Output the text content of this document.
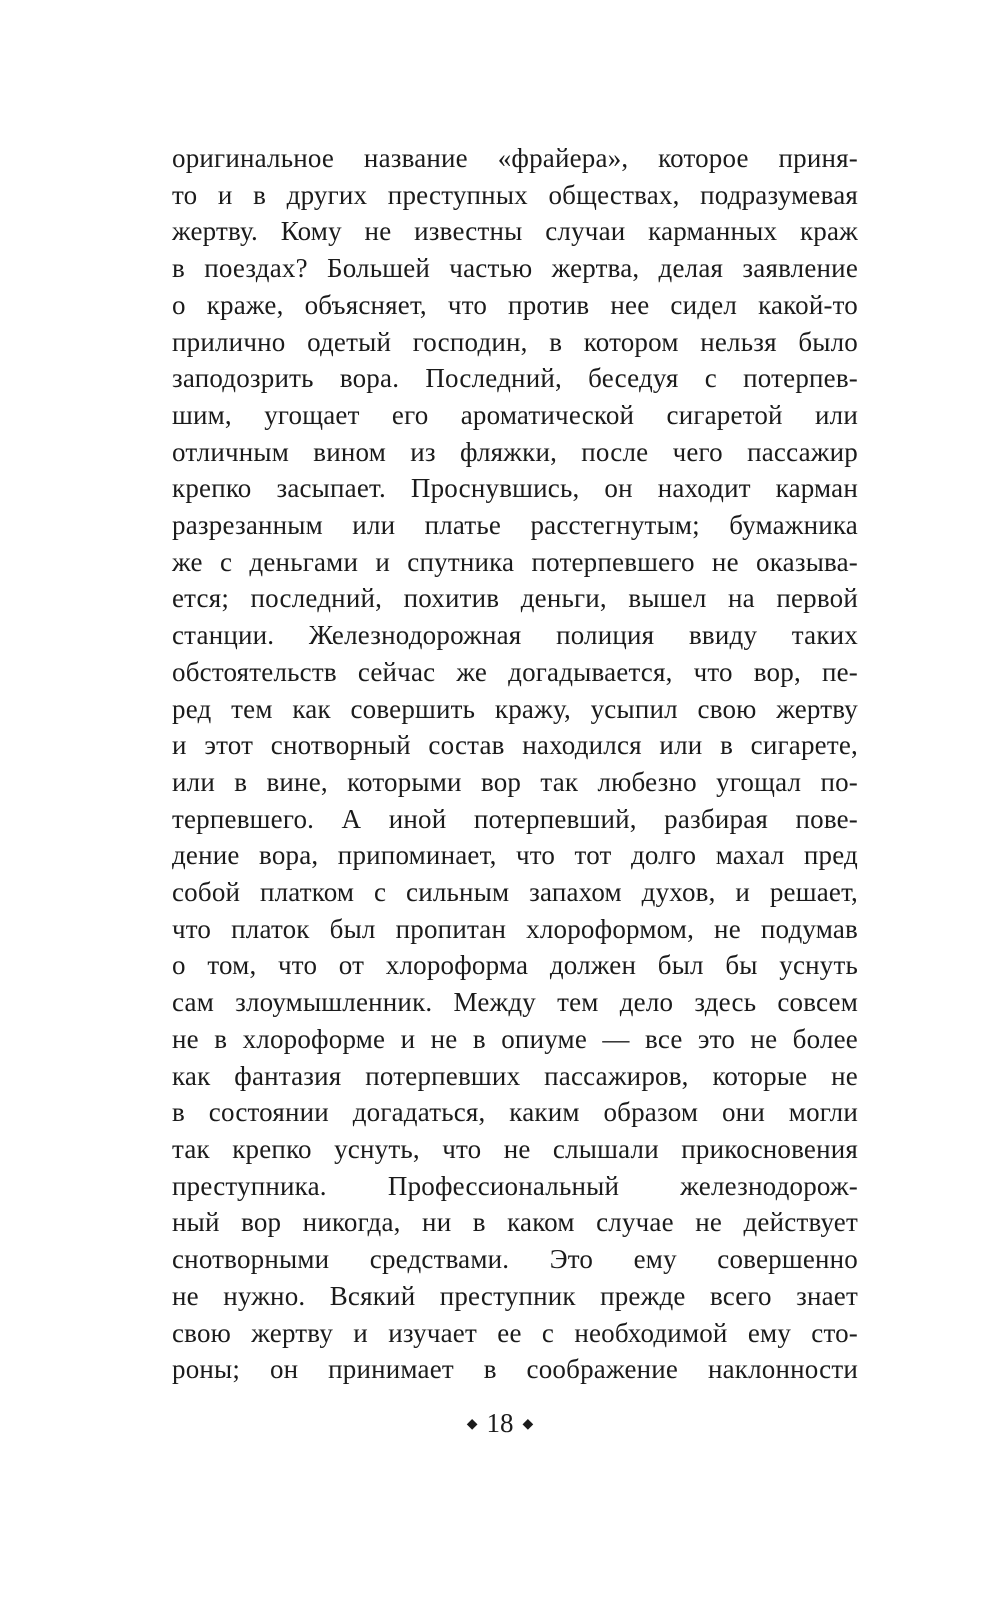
оригинальное название «фрайера», которое приня-
то и в других преступных обществах, подразумевая
жертву. Кому не известны случаи карманных краж
в поездах? Большей частью жертва, делая заявление
о краже, объясняет, что против нее сидел какой-то
прилично одетый господин, в котором нельзя было
заподозрить вора. Последний, беседуя с потерпев-
шим, угощает его ароматической сигаретой или
отличным вином из фляжки, после чего пассажир
крепко засыпает. Проснувшись, он находит карман
разрезанным или платье расстегнутым; бумажника
же с деньгами и спутника потерпевшего не оказыва-
ется; последний, похитив деньги, вышел на первой
станции. Железнодорожная полиция ввиду таких
обстоятельств сейчас же догадывается, что вор, пе-
ред тем как совершить кражу, усыпил свою жертву
и этот снотворный состав находился или в сигарете,
или в вине, которыми вор так любезно угощал по-
терпевшего. А иной потерпевший, разбирая пове-
дение вора, припоминает, что тот долго махал пред
собой платком с сильным запахом духов, и решает,
что платок был пропитан хлороформом, не подумав
о том, что от хлороформа должен был бы уснуть
сам злоумышленник. Между тем дело здесь совсем
не в хлороформе и не в опиуме — все это не более
как фантазия потерпевших пассажиров, которые не
в состоянии догадаться, каким образом они могли
так крепко уснуть, что не слышали прикосновения
преступника. Профессиональный железнодорож-
ный вор никогда, ни в каком случае не действует
снотворными средствами. Это ему совершенно
не нужно. Всякий преступник прежде всего знает
свою жертву и изучает ее с необходимой ему сто-
роны; он принимает в соображение наклонности
◆ 18 ◆
